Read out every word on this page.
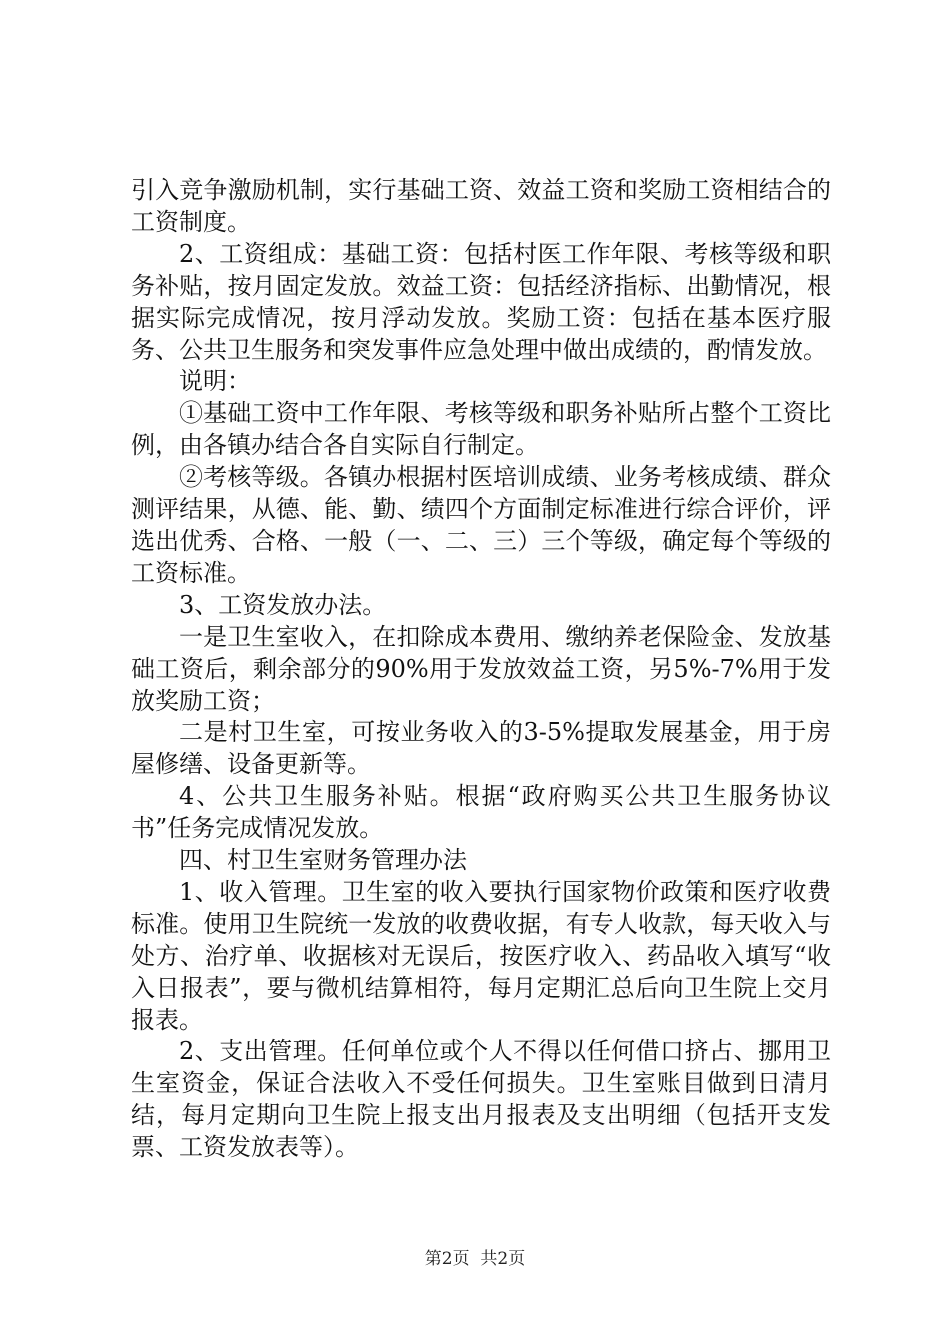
引入竞争激励机制，实行基础工资、效益工资和奖励工资相结合的工资制度。

2、工资组成：基础工资：包括村医工作年限、考核等级和职务补贴，按月固定发放。效益工资：包括经济指标、出勤情况，根据实际完成情况，按月浮动发放。奖励工资：包括在基本医疗服务、公共卫生服务和突发事件应急处理中做出成绩的，酌情发放。

说明：

①基础工资中工作年限、考核等级和职务补贴所占整个工资比例，由各镇办结合各自实际自行制定。

②考核等级。各镇办根据村医培训成绩、业务考核成绩、群众测评结果，从德、能、勤、绩四个方面制定标准进行综合评价，评选出优秀、合格、一般（一、二、三）三个等级，确定每个等级的工资标准。

3、工资发放办法。

一是卫生室收入，在扣除成本费用、缴纳养老保险金、发放基础工资后，剩余部分的90%用于发放效益工资，另5%-7%用于发放奖励工资；

二是村卫生室，可按业务收入的3-5%提取发展基金，用于房屋修缮、设备更新等。

4、公共卫生服务补贴。根据“政府购买公共卫生服务协议书”任务完成情况发放。

四、村卫生室财务管理办法

1、收入管理。卫生室的收入要执行国家物价政策和医疗收费标准。使用卫生院统一发放的收费收据，有专人收款，每天收入与处方、治疗单、收据核对无误后，按医疗收入、药品收入填写“收入日报表”，要与微机结算相符，每月定期汇总后向卫生院上交月报表。

2、支出管理。任何单位或个人不得以任何借口挤占、挪用卫生室资金，保证合法收入不受任何损失。卫生室账目做到日清月结，每月定期向卫生院上报支出月报表及支出明细（包括开支发票、工资发放表等）。

第2页  共2页
